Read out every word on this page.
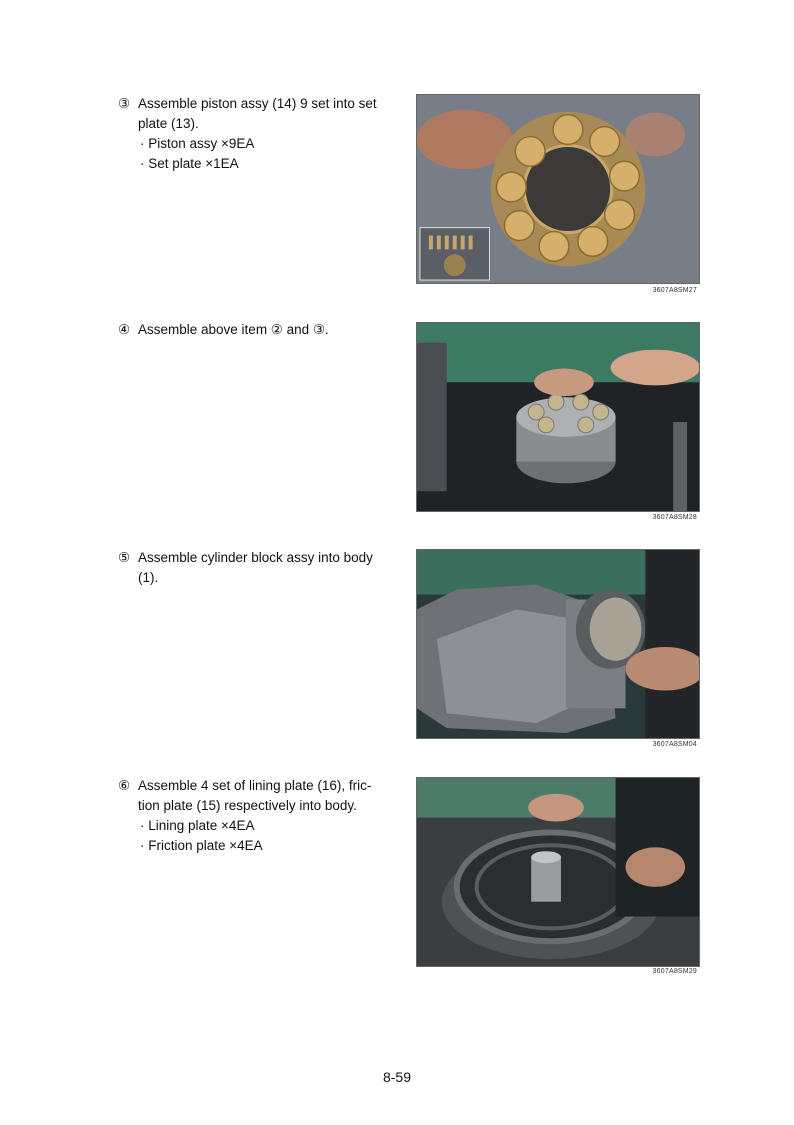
③ Assemble piston assy (14) 9 set into set
plate (13).
· Piston assy ×9EA
· Set plate ×1EA
3607A8SM27
④ Assemble above item ② and ③.
3607A8SM28
⑤ Assemble cylinder block assy into body
(1).
3607A8SM04
⑥ Assemble 4 set of lining plate (16), fric-
tion plate (15) respectively into body.
· Lining plate ×4EA
· Friction plate ×4EA
3607A8SM29
8-59
